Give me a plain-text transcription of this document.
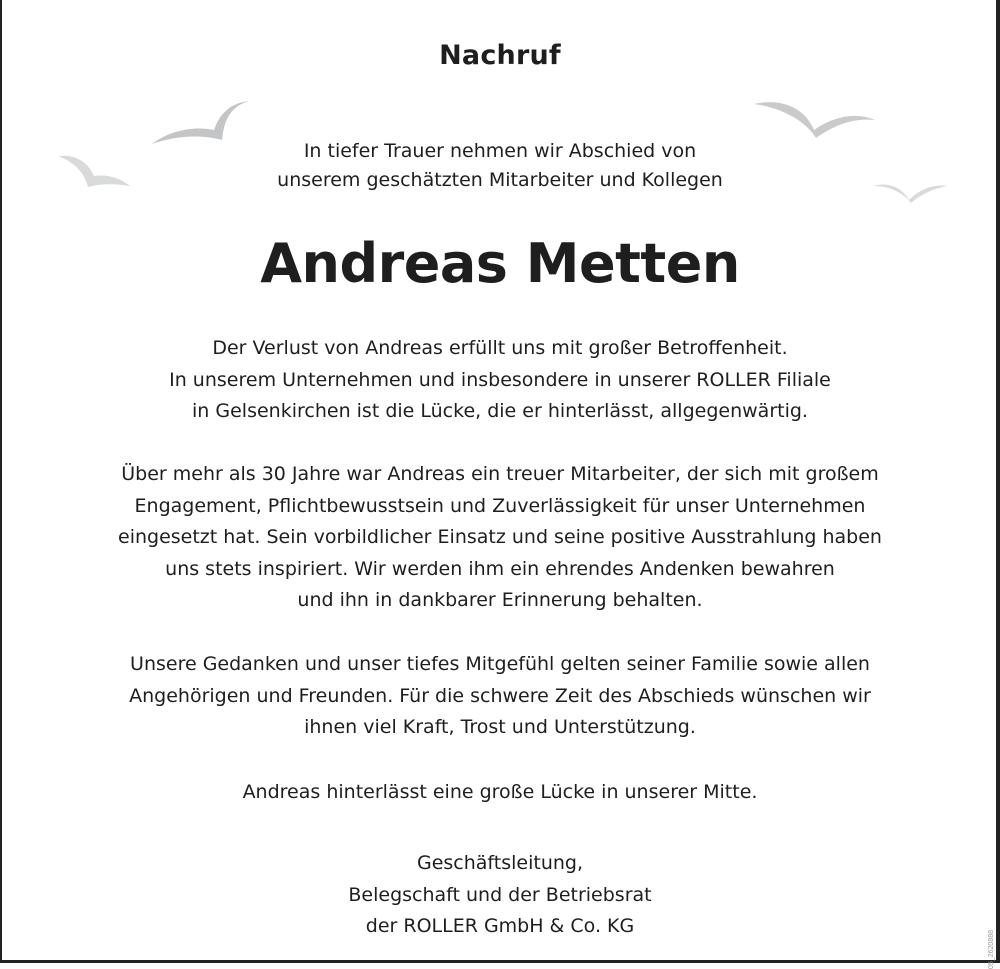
Nachruf
In tiefer Trauer nehmen wir Abschied von
unserem geschätzten Mitarbeiter und Kollegen
Andreas Metten
Der Verlust von Andreas erfüllt uns mit großer Betroffenheit.
In unserem Unternehmen und insbesondere in unserer ROLLER Filiale
in Gelsenkirchen ist die Lücke, die er hinterlässt, allgegenwärtig.
Über mehr als 30 Jahre war Andreas ein treuer Mitarbeiter, der sich mit großem
Engagement, Pflichtbewusstsein und Zuverlässigkeit für unser Unternehmen
eingesetzt hat. Sein vorbildlicher Einsatz und seine positive Ausstrahlung haben
uns stets inspiriert. Wir werden ihm ein ehrendes Andenken bewahren
und ihn in dankbarer Erinnerung behalten.
Unsere Gedanken und unser tiefes Mitgefühl gelten seiner Familie sowie allen
Angehörigen und Freunden. Für die schwere Zeit des Abschieds wünschen wir
ihnen viel Kraft, Trost und Unterstützung.
Andreas hinterlässt eine große Lücke in unserer Mitte.
Geschäftsleitung,
Belegschaft und der Betriebsrat
der ROLLER GmbH & Co. KG
05_2620888
